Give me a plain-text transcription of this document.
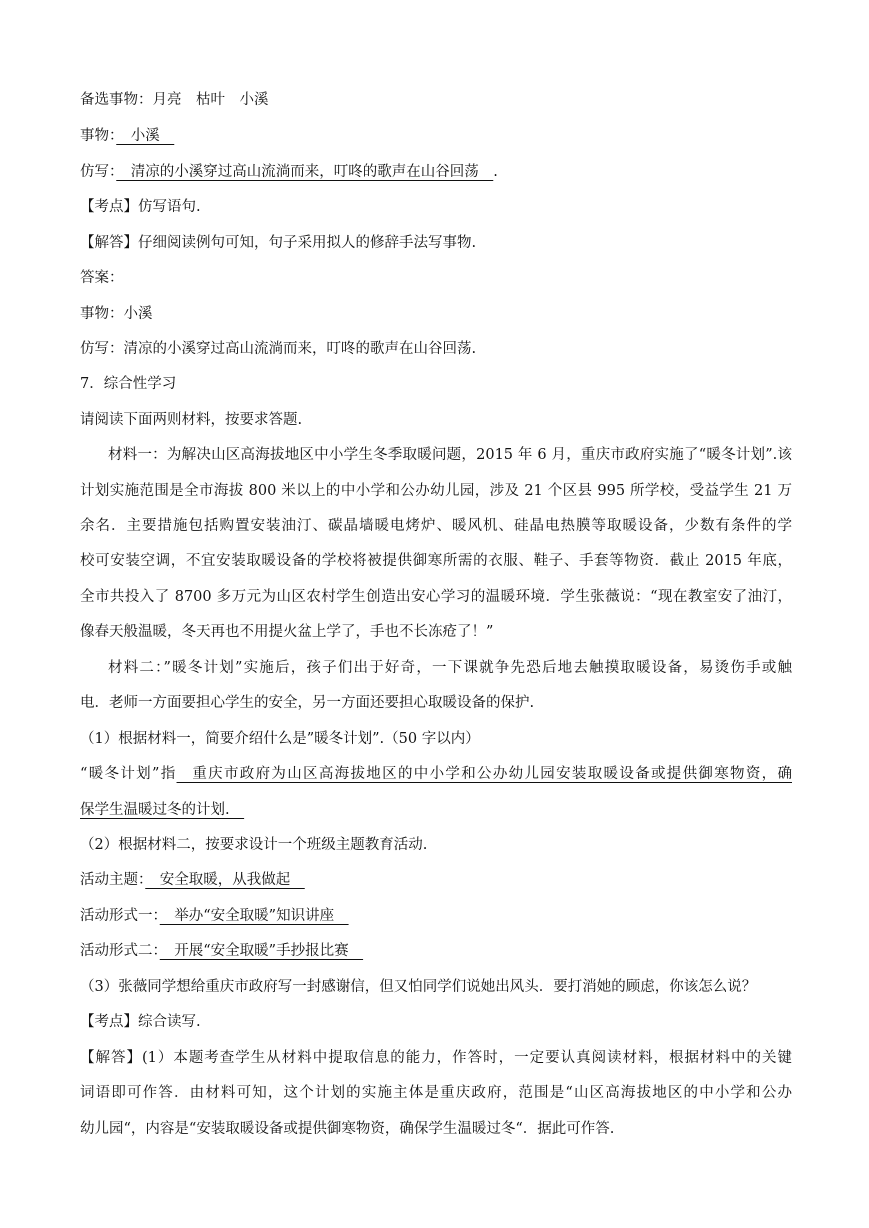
备选事物：月亮　枯叶　小溪
事物：　小溪　
仿写：　清凉的小溪穿过高山流淌而来，叮咚的歌声在山谷回荡　.
【考点】仿写语句.
【解答】仔细阅读例句可知，句子采用拟人的修辞手法写事物.
答案：
事物：小溪
仿写：清凉的小溪穿过高山流淌而来，叮咚的歌声在山谷回荡.
7．综合性学习
请阅读下面两则材料，按要求答题.
材料一：为解决山区高海拔地区中小学生冬季取暖问题，2015 年 6 月，重庆市政府实施了“暖冬计划”.该
计划实施范围是全市海拔 800 米以上的中小学和公办幼儿园，涉及 21 个区县 995 所学校，受益学生 21 万
余名．主要措施包括购置安装油汀、碳晶墙暖电烤炉、暖风机、硅晶电热膜等取暖设备，少数有条件的学
校可安装空调，不宜安装取暖设备的学校将被提供御寒所需的衣服、鞋子、手套等物资．截止 2015 年底，
全市共投入了 8700 多万元为山区农村学生创造出安心学习的温暖环境．学生张薇说：“现在教室安了油汀，
像春天般温暖，冬天再也不用提火盆上学了，手也不长冻疮了！”
材料二：”暖冬计划”实施后，孩子们出于好奇，一下课就争先恐后地去触摸取暖设备，易烫伤手或触
电．老师一方面要担心学生的安全，另一方面还要担心取暖设备的保护.
（1）根据材料一，简要介绍什么是”暖冬计划”.（50 字以内）
“暖冬计划”指　重庆市政府为山区高海拔地区的中小学和公办幼儿园安装取暖设备或提供御寒物资，确
保学生温暖过冬的计划.　
（2）根据材料二，按要求设计一个班级主题教育活动.
活动主题：　安全取暖，从我做起　
活动形式一：　举办“安全取暖”知识讲座　
活动形式二：　开展“安全取暖”手抄报比赛　
（3）张薇同学想给重庆市政府写一封感谢信，但又怕同学们说她出风头．要打消她的顾虑，你该怎么说？
【考点】综合读写.
【解答】(1）本题考查学生从材料中提取信息的能力，作答时，一定要认真阅读材料，根据材料中的关键
词语即可作答．由材料可知，这个计划的实施主体是重庆政府，范围是“山区高海拔地区的中小学和公办
幼儿园“，内容是“安装取暖设备或提供御寒物资，确保学生温暖过冬“．据此可作答.
